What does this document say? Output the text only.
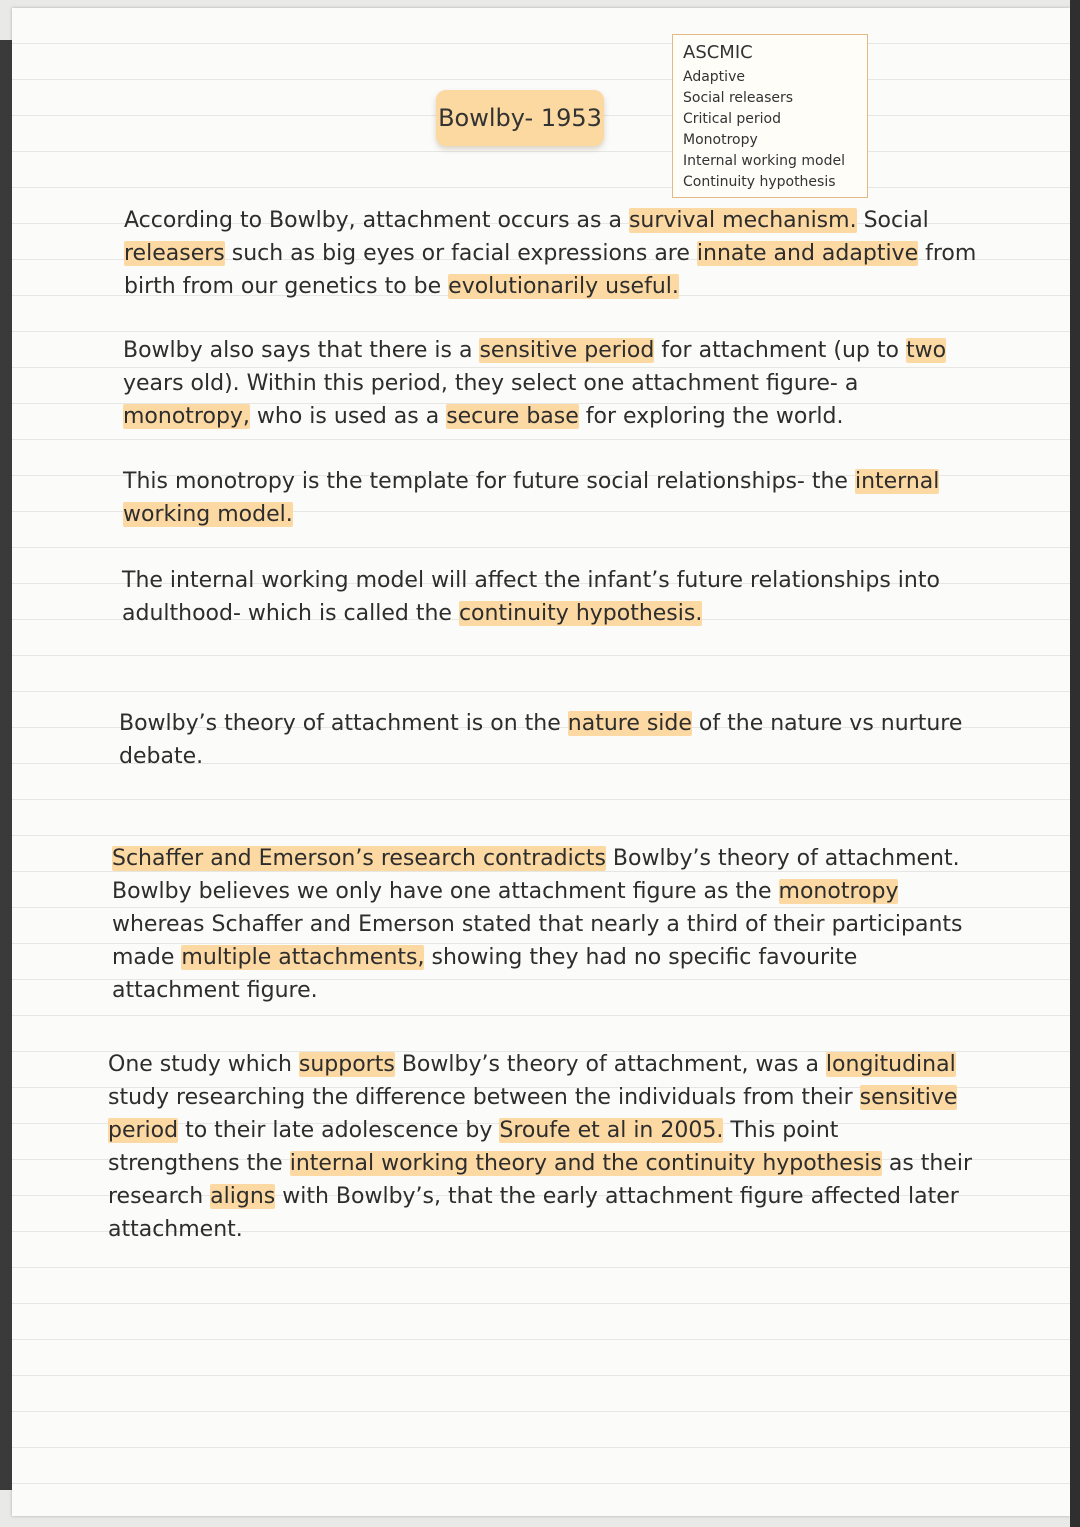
Bowlby- 1953
ASCMIC
Adaptive
Social releasers
Critical period
Monotropy
Internal working model
Continuity hypothesis
According to Bowlby, attachment occurs as a survival mechanism. Social
releasers such as big eyes or facial expressions are innate and adaptive from
birth from our genetics to be evolutionarily useful.
Bowlby also says that there is a sensitive period for attachment (up to two
years old). Within this period, they select one attachment figure- a
monotropy, who is used as a secure base for exploring the world.
This monotropy is the template for future social relationships- the internal
working model.
The internal working model will affect the infant’s future relationships into
adulthood- which is called the continuity hypothesis.
Bowlby’s theory of attachment is on the nature side of the nature vs nurture
debate.
Schaffer and Emerson’s research contradicts Bowlby’s theory of attachment.
Bowlby believes we only have one attachment figure as the monotropy
whereas Schaffer and Emerson stated that nearly a third of their participants
made multiple attachments, showing they had no specific favourite
attachment figure.
One study which supports Bowlby’s theory of attachment, was a longitudinal
study researching the difference between the individuals from their sensitive
period to their late adolescence by Sroufe et al in 2005. This point
strengthens the internal working theory and the continuity hypothesis as their
research aligns with Bowlby’s, that the early attachment figure affected later
attachment.
